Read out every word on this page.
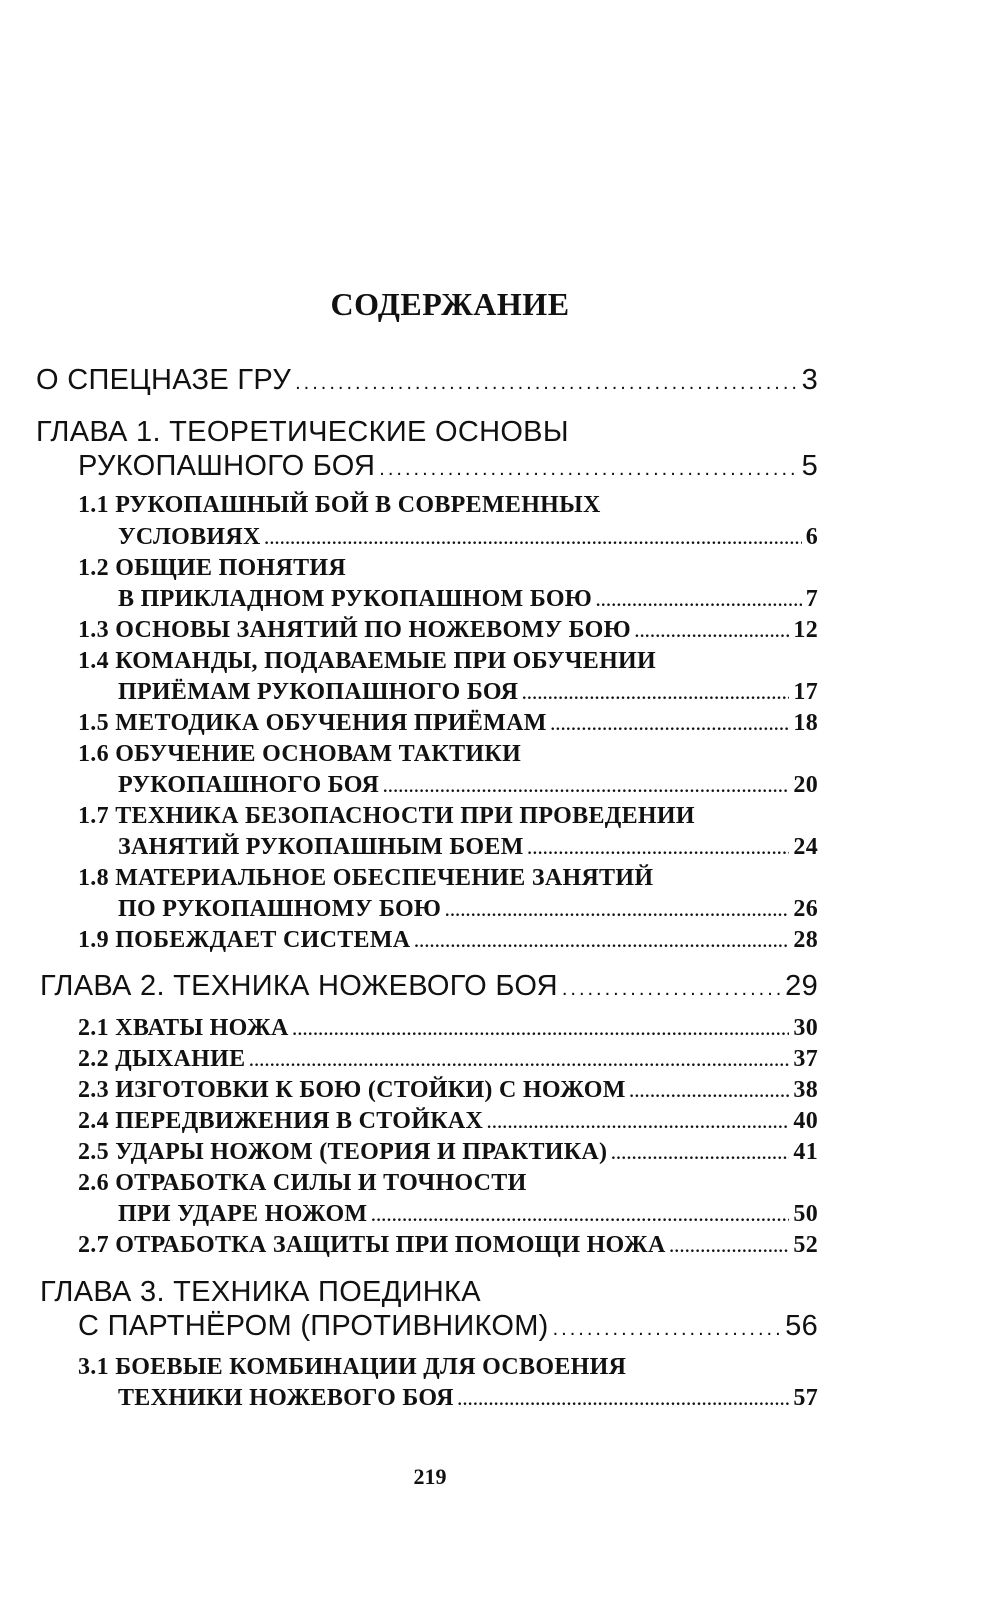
СОДЕРЖАНИЕ
О СПЕЦНАЗЕ ГРУ .....	3
ГЛАВА 1. ТЕОРЕТИЧЕСКИЕ ОСНОВЫ
РУКОПАШНОГО БОЯ .....	5
1.1 РУКОПАШНЫЙ БОЙ В СОВРЕМЕННЫХ
УСЛОВИЯХ .....	6
1.2 ОБЩИЕ ПОНЯТИЯ
В ПРИКЛАДНОМ РУКОПАШНОМ БОЮ .....	7
1.3 ОСНОВЫ ЗАНЯТИЙ ПО НОЖЕВОМУ БОЮ .....	12
1.4 КОМАНДЫ, ПОДАВАЕМЫЕ ПРИ ОБУЧЕНИИ
ПРИЁМАМ РУКОПАШНОГО БОЯ .....	17
1.5 МЕТОДИКА ОБУЧЕНИЯ ПРИЁМАМ .....	18
1.6 ОБУЧЕНИЕ ОСНОВАМ ТАКТИКИ
РУКОПАШНОГО БОЯ .....	20
1.7 ТЕХНИКА БЕЗОПАСНОСТИ ПРИ ПРОВЕДЕНИИ
ЗАНЯТИЙ РУКОПАШНЫМ БОЕМ .....	24
1.8 МАТЕРИАЛЬНОЕ ОБЕСПЕЧЕНИЕ ЗАНЯТИЙ
ПО РУКОПАШНОМУ БОЮ .....	26
1.9 ПОБЕЖДАЕТ СИСТЕМА .....	28
ГЛАВА 2. ТЕХНИКА НОЖЕВОГО БОЯ .....	29
2.1 ХВАТЫ НОЖА .....	30
2.2 ДЫХАНИЕ .....	37
2.3 ИЗГОТОВКИ К БОЮ (СТОЙКИ) С НОЖОМ .....	38
2.4 ПЕРЕДВИЖЕНИЯ В СТОЙКАХ .....	40
2.5 УДАРЫ НОЖОМ (ТЕОРИЯ И ПРАКТИКА) .....	41
2.6 ОТРАБОТКА СИЛЫ И ТОЧНОСТИ
ПРИ УДАРЕ НОЖОМ .....	50
2.7 ОТРАБОТКА ЗАЩИТЫ ПРИ ПОМОЩИ НОЖА .....	52
ГЛАВА 3. ТЕХНИКА ПОЕДИНКА
С ПАРТНЁРОМ (ПРОТИВНИКОМ) .....	56
3.1 БОЕВЫЕ КОМБИНАЦИИ ДЛЯ ОСВОЕНИЯ
ТЕХНИКИ НОЖЕВОГО БОЯ .....	57
219
